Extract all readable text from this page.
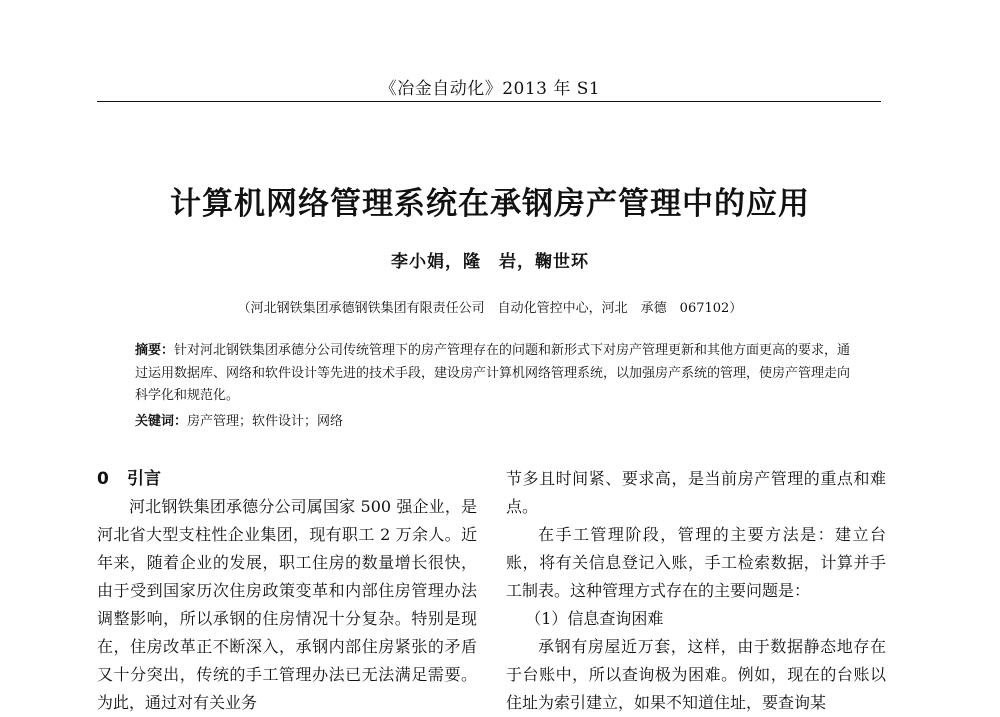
《冶金自动化》2013 年 S1
计算机网络管理系统在承钢房产管理中的应用
李小娟，隆　岩，鞠世环
（河北钢铁集团承德钢铁集团有限责任公司　自动化管控中心，河北　承德　067102）
摘要：针对河北钢铁集团承德分公司传统管理下的房产管理存在的问题和新形式下对房产管理更新和其他方面更高的要求，通过运用数据库、网络和软件设计等先进的技术手段，建设房产计算机网络管理系统，以加强房产系统的管理，使房产管理走向科学化和规范化。
关键词：房产管理；软件设计；网络
0 引言

河北钢铁集团承德分公司属国家 500 强企业，是河北省大型支柱性企业集团，现有职工 2 万余人。近年来，随着企业的发展，职工住房的数量增长很快，由于受到国家历次住房政策变革和内部住房管理办法调整影响，所以承钢的住房情况十分复杂。特别是现在，住房改革正不断深入，承钢内部住房紧张的矛盾又十分突出，传统的手工管理办法已无法满足需要。为此，通过对有关业务

节多且时间紧、要求高，是当前房产管理的重点和难点。

在手工管理阶段，管理的主要方法是：建立台账，将有关信息登记入账，手工检索数据，计算并手工制表。这种管理方式存在的主要问题是：

（1）信息查询困难

承钢有房屋近万套，这样，由于数据静态地存在于台账中，所以查询极为困难。例如，现在的台账以住址为索引建立，如果不知道住址，要查询某
